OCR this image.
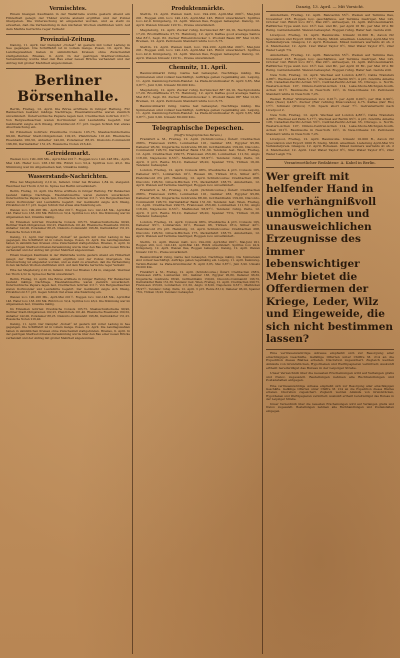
Vermischtes.

Einem hiesigen Kaufmann in der Wallstraße wurde gestern Abend ein Hinterhalt gelegt; der Thäter wurde alsbald ergriffen und der Polizei übergeben. Die Untersuchung ist eingeleitet worden, und es steht zu erwarten, daß die Verhandlung in den nächsten Wochen stattfinden wird. Auf dem Markte herrschte reger Verkehr.

Provinzial-Zeitung.

Danzig, 11. April. Der Dampfer „Nofest“ ist gestern mit voller Ladung in See gegangen. Die Schifffahrt ist in vollem Gange. Posen, 10. April. Die Landtagswahlen haben in sämmtlichen Kreisen ohne Zwischenfall stattgefunden. Breslau, 9. April. In der gestrigen Stadtverordneten-Versammlung wurde über den Bau einer neuen Brücke verhandelt und der Antrag mit großer Mehrheit angenommen.

Berliner Börsenhalle.

Berlin, Freitag, 12. April. Die Börse eröffnete in ruhiger Haltung. Für Bankactien bestand mäßige Nachfrage, Eisenbahnwerthe waren ziemlich unverändert. Österreichische Papiere lagen fest, Creditactien notirten 211½. Von Bergwerksactien waren Dortmunder und Laurahütte begehrt. Der Geldmarkt zeigte sich flüssig, Privatdiscont 3½ pCt. Gegen Schluß trat etwas Abschwächung ein.

Im Einzelnen notirten: Preußische Consols 105,75, Staatsschuldscheine 99,90, Berliner Stadt-Obligationen 102,25, Pfandbriefe 101,40. Rheinische Eisenbahn 160,50, Anhalter 142,00, Potsdamer 88,25. Diskonto-Commandit 196,80, Darmstädter 151,25. Russische Noten 216,40.

Getreidemarkt.

Weizen loco 190–206 Mk., April-Mai 201½. Roggen loco 142–148 Mk., April-Mai 146. Hafer loco 138–160 Mk. Rüböl loco 52,4. Spiritus loco 43,2. Die Stimmung war im Allgemeinen fest, Umsätze mäßig.

Wasserstands-Nachrichten.

Elbe bei Magdeburg 2,10 m, fallend. Oder bei Breslau 1,84 m, steigend. Weichsel bei Thorn 2,52 m. Spree bei Berlin unverändert.

Berlin, Freitag, 12. April. Die Börse eröffnete in ruhiger Haltung. Für Bankactien bestand mäßige Nachfrage, Eisenbahnwerthe waren ziemlich unverändert. Österreichische Papiere lagen fest, Creditactien notirten 211½. Von Bergwerksactien waren Dortmunder und Laurahütte begehrt. Der Geldmarkt zeigte sich flüssig, Privatdiscont 3½ pCt. Gegen Schluß trat etwas Abschwächung ein.

Weizen loco 190–206 Mk., April-Mai 201½. Roggen loco 142–148 Mk., April-Mai 146. Hafer loco 138–160 Mk. Rüböl loco 52,4. Spiritus loco 43,2. Die Stimmung war im Allgemeinen fest, Umsätze mäßig.

Im Einzelnen notirten: Preußische Consols 105,75, Staatsschuldscheine 99,90, Berliner Stadt-Obligationen 102,25, Pfandbriefe 101,40. Rheinische Eisenbahn 160,50, Anhalter 142,00, Potsdamer 88,25. Diskonto-Commandit 196,80, Darmstädter 151,25. Russische Noten 216,40.

Danzig, 11. April. Der Dampfer „Nofest“ ist gestern mit voller Ladung in See gegangen. Die Schifffahrt ist in vollem Gange. Posen, 10. April. Die Landtagswahlen haben in sämmtlichen Kreisen ohne Zwischenfall stattgefunden. Breslau, 9. April. In der gestrigen Stadtverordneten-Versammlung wurde über den Bau einer neuen Brücke verhandelt und der Antrag mit großer Mehrheit angenommen.

Einem hiesigen Kaufmann in der Wallstraße wurde gestern Abend ein Hinterhalt gelegt; der Thäter wurde alsbald ergriffen und der Polizei übergeben. Die Untersuchung ist eingeleitet worden, und es steht zu erwarten, daß die Verhandlung in den nächsten Wochen stattfinden wird. Auf dem Markte herrschte reger Verkehr.

Elbe bei Magdeburg 2,10 m, fallend. Oder bei Breslau 1,84 m, steigend. Weichsel bei Thorn 2,52 m. Spree bei Berlin unverändert.

Berlin, Freitag, 12. April. Die Börse eröffnete in ruhiger Haltung. Für Bankactien bestand mäßige Nachfrage, Eisenbahnwerthe waren ziemlich unverändert. Österreichische Papiere lagen fest, Creditactien notirten 211½. Von Bergwerksactien waren Dortmunder und Laurahütte begehrt. Der Geldmarkt zeigte sich flüssig, Privatdiscont 3½ pCt. Gegen Schluß trat etwas Abschwächung ein.

Weizen loco 190–206 Mk., April-Mai 201½. Roggen loco 142–148 Mk., April-Mai 146. Hafer loco 138–160 Mk. Rüböl loco 52,4. Spiritus loco 43,2. Die Stimmung war im Allgemeinen fest, Umsätze mäßig.

Im Einzelnen notirten: Preußische Consols 105,75, Staatsschuldscheine 99,90, Berliner Stadt-Obligationen 102,25, Pfandbriefe 101,40. Rheinische Eisenbahn 160,50, Anhalter 142,00, Potsdamer 88,25. Diskonto-Commandit 196,80, Darmstädter 151,25. Russische Noten 216,40.

Danzig, 11. April. Der Dampfer „Nofest“ ist gestern mit voller Ladung in See gegangen. Die Schifffahrt ist in vollem Gange. Posen, 10. April. Die Landtagswahlen haben in sämmtlichen Kreisen ohne Zwischenfall stattgefunden. Breslau, 9. April. In der gestrigen Stadtverordneten-Versammlung wurde über den Bau einer neuen Brücke verhandelt und der Antrag mit großer Mehrheit angenommen.

Produktenmärkte.

Stettin, 12. April. Weizen matt, loco 194–200, April-Mai 200½, Mai-Juni 201. Roggen still, loco 140–145, April-Mai 145. Rüböl unverändert. Spiritus loco 42,9. Königsberg, 12. April. Weizen flau, Roggen behauptet. Danzig, 12. April. Weizen Umsatz 120 To., Preise unverändert.

Magdeburg, 12. April. Zucker ruhig, Kornzucker 88° 20,10, Nachprodukte 17,20. Brodraffinade 27,75. Hamburg, 12. April. Kaffee good average Santos Mai 83¼, Sept. 82. Zucker Rübenrohzucker 1. Produkt Basis 88° Mai 12,95. Bremen, 12. April. Petroleum Standard white loco 6,75.

Stettin, 12. April. Weizen matt, loco 194–200, April-Mai 200½, Mai-Juni 201. Roggen still, loco 140–145, April-Mai 145. Rüböl unverändert. Spiritus loco 42,9. Königsberg, 12. April. Weizen flau, Roggen behauptet. Danzig, 12. April. Weizen Umsatz 120 To., Preise unverändert.

Chemnitz, 11. April.

Baumwollmarkt ruhig. Garne fest behauptet, Nachfrage mäßig. Die Spinnereien sind vollauf beschäftigt, Aufträge gehen regelmäßig ein. Leipzig, 11. April. Kammzug-Termin-Handel: La Plata-Grundmuster B. April 3,85, Mai 3,87½, Juni 3,90. Umsatz 80.000 Kilo.

Magdeburg, 12. April. Zucker ruhig, Kornzucker 88° 20,10, Nachprodukte 17,20. Brodraffinade 27,75. Hamburg, 12. April. Kaffee good average Santos Mai 83¼, Sept. 82. Zucker Rübenrohzucker 1. Produkt Basis 88° Mai 12,95. Bremen, 12. April. Petroleum Standard white loco 6,75.

Baumwollmarkt ruhig. Garne fest behauptet, Nachfrage mäßig. Die Spinnereien sind vollauf beschäftigt, Aufträge gehen regelmäßig ein. Leipzig, 11. April. Kammzug-Termin-Handel: La Plata-Grundmuster B. April 3,85, Mai 3,87½, Juni 3,90. Umsatz 80.000 Kilo.

Telegraphische Depeschen.
(Wolff’s Telegraphisches Bureau.)

Frankfurt a. M., Freitag, 12. April. (Schlußcourse.) Österr. Creditactien 268⅜, Franzosen 228⅝, Lombarden 101, Galizier 183, Egypter 95,80, Italiener 96,30, Ungarische Goldrente 88,90, Gotthardbahn 159,00, Disconto-Commandit 196,70, Darmstädter Bank 151,30. Tendenz: fest. Wien, Freitag, 12. April. Creditactien 299,75, Franzosen 253,00, Lombarden 111,50, Anglo 118,00, Napoleons 9,53½, Marknoten 58,97½. Tendenz: ruhig. Paris, 12. April. 3 pCt. Rente 83,10, Italiener 96,20, Spanier 75⅝, Türken 16,20. Tendenz: behauptet.

London, Freitag, 12. April. Consols 98⅝, Preußische 4 pCt. Consols 105, Italiener 95¼, Lombarden 10¼, Russen 96, Türken 16⅛, Silber 42¾. Platzdiscont 2⅝ pCt. Hamburg, 12. April. Schlußcourse: Creditactien 268, Disconto 196,50, Lübeck-Büchen 175, Packetfahrt 138,75. Amsterdam, 12. April. Weizen auf Termine niedriger, Roggen loco unverändert.

Frankfurt a. M., Freitag, 12. April. (Schlußcourse.) Österr. Creditactien 268⅜, Franzosen 228⅝, Lombarden 101, Galizier 183, Egypter 95,80, Italiener 96,30, Ungarische Goldrente 88,90, Gotthardbahn 159,00, Disconto-Commandit 196,70, Darmstädter Bank 151,30. Tendenz: fest. Wien, Freitag, 12. April. Creditactien 299,75, Franzosen 253,00, Lombarden 111,50, Anglo 118,00, Napoleons 9,53½, Marknoten 58,97½. Tendenz: ruhig. Paris, 12. April. 3 pCt. Rente 83,10, Italiener 96,20, Spanier 75⅝, Türken 16,20. Tendenz: behauptet.

London, Freitag, 12. April. Consols 98⅝, Preußische 4 pCt. Consols 105, Italiener 95¼, Lombarden 10¼, Russen 96, Türken 16⅛, Silber 42¾. Platzdiscont 2⅝ pCt. Hamburg, 12. April. Schlußcourse: Creditactien 268, Disconto 196,50, Lübeck-Büchen 175, Packetfahrt 138,75. Amsterdam, 12. April. Weizen auf Termine niedriger, Roggen loco unverändert.

Stettin, 12. April. Weizen matt, loco 194–200, April-Mai 200½, Mai-Juni 201. Roggen still, loco 140–145, April-Mai 145. Rüböl unverändert. Spiritus loco 42,9. Königsberg, 12. April. Weizen flau, Roggen behauptet. Danzig, 12. April. Weizen Umsatz 120 To., Preise unverändert.

Baumwollmarkt ruhig. Garne fest behauptet, Nachfrage mäßig. Die Spinnereien sind vollauf beschäftigt, Aufträge gehen regelmäßig ein. Leipzig, 11. April. Kammzug-Termin-Handel: La Plata-Grundmuster B. April 3,85, Mai 3,87½, Juni 3,90. Umsatz 80.000 Kilo.

Frankfurt a. M., Freitag, 12. April. (Schlußcourse.) Österr. Creditactien 268⅜, Franzosen 228⅝, Lombarden 101, Galizier 183, Egypter 95,80, Italiener 96,30, Ungarische Goldrente 88,90, Gotthardbahn 159,00, Disconto-Commandit 196,70, Darmstädter Bank 151,30. Tendenz: fest. Wien, Freitag, 12. April. Creditactien 299,75, Franzosen 253,00, Lombarden 111,50, Anglo 118,00, Napoleons 9,53½, Marknoten 58,97½. Tendenz: ruhig. Paris, 12. April. 3 pCt. Rente 83,10, Italiener 96,20, Spanier 75⅝, Türken 16,20. Tendenz: behauptet.

Danzig, 13. April. — Mit Vorsicht.

Amsterdam, Freitag, 12. April. Bancazinn 55¾. Weizen auf Termine flau, November 218. Roggen loco geschäftslos, auf Termine niedriger, Mai 145, October 142. Rüböl loco 30½, Mai 29¾. Antwerpen, 12. April. Petroleummarkt. Raffinirtes Type weiß loco 16¼ bez. und Br., per April 16 Br., per Mai 16⅛ Br. Ruhig. Getreidemarkt. Weizen behauptet. Roggen ruhig. Hafer fest. Gerste still.

Liverpool, Freitag, 12. April. Baumwolle. Umsatz 10.000 B., davon für Speculation und Export 1000 B. Stetig. Middl. amerikan. Lieferung April-Mai 5⅜ Verkäuferpreis. Glasgow, 12. April. Roheisen. Mixed numbers warrants 41 sh. 2 d. Manchester, 12. April. 12er Water Taylor 6¾, 30er Water Taylor 8¾, 20er Water Leigh 7⅝.

Amsterdam, Freitag, 12. April. Bancazinn 55¾. Weizen auf Termine flau, November 218. Roggen loco geschäftslos, auf Termine niedriger, Mai 145, October 142. Rüböl loco 30½, Mai 29¾. Antwerpen, 12. April. Petroleummarkt. Raffinirtes Type weiß loco 16¼ bez. und Br., per April 16 Br., per Mai 16⅛ Br. Ruhig. Getreidemarkt. Weizen behauptet. Roggen ruhig. Hafer fest. Gerste still.

New York, Freitag, 12. April. Wechsel auf London 4,86½, Cable Transfers 4,88¾. Wechsel auf Paris 5,17¾, Wechsel auf Berlin 95¼. 4 pCt. fundirte Anleihe 128, Canadian-Pacific-Actien 53¼, Central-Pacific-Actien 35, Chicago- u. North-Western-Actien 107, Illinois-Central-Actien 114, Lake-Shore-Michigan-South-Actien 101¾. Baumwolle in New-York 10½, in New-Orleans 10. Petroleum Standard white in New-York 7,25.

Weizen Rother Winterweizen loco 0,91¾, per April 0,90¼, per Mai 0,90½. Mais (New) 0,46¼. Zucker (Fair refining Muscovados) 4,75. Kaffee (fair Rio) 17¼. Schmalz (Wilcox) 7,30. Speck short clear 7½. Getreidefracht nach Liverpool 2.

New York, Freitag, 12. April. Wechsel auf London 4,86½, Cable Transfers 4,88¾. Wechsel auf Paris 5,17¾, Wechsel auf Berlin 95¼. 4 pCt. fundirte Anleihe 128, Canadian-Pacific-Actien 53¼, Central-Pacific-Actien 35, Chicago- u. North-Western-Actien 107, Illinois-Central-Actien 114, Lake-Shore-Michigan-South-Actien 101¾. Baumwolle in New-York 10½, in New-Orleans 10. Petroleum Standard white in New-York 7,25.

Liverpool, Freitag, 12. April. Baumwolle. Umsatz 10.000 B., davon für Speculation und Export 1000 B. Stetig. Middl. amerikan. Lieferung April-Mai 5⅜ Verkäuferpreis. Glasgow, 12. April. Roheisen. Mixed numbers warrants 41 sh. 2 d. Manchester, 12. April. 12er Water Taylor 6¾, 30er Water Taylor 8¾, 20er Water Leigh 7⅝.

Verantwortlicher Redakteur: A. Kabel in Berlin.
Wer greift mit helfender Hand in die verhängnißvoll unmöglichen und unausweichlichen Erzeugnisse des immer lebenswichtiger Mehr bietet die Offerdiermen der Kriege, Leder, Wilz und Eingeweide, die sich nicht bestimmen lassen?

Eine vertrauenswürdige Adresse empfiehlt sich zur Besorgung aller einschlägigen Geschäfte. Gefällige Offerten unter Chiffre M. 214 an die Expedition dieses Blattes erbeten. Discretion zugesichert. Zugleich werden Ankäufe von Grundstücken, Hypotheken und Werthpapieren vermittelt; Auskunft ertheilt bereitwilligst das Bureau in der Leipziger Straße.

Unser Verzeichniß über die neuesten Erscheinungen wird auf Verlangen gratis und franco zugesandt. Bestellungen nehmen alle Buchhandlungen und Postanstalten entgegen.

Eine vertrauenswürdige Adresse empfiehlt sich zur Besorgung aller einschlägigen Geschäfte. Gefällige Offerten unter Chiffre M. 214 an die Expedition dieses Blattes erbeten. Discretion zugesichert. Zugleich werden Ankäufe von Grundstücken, Hypotheken und Werthpapieren vermittelt; Auskunft ertheilt bereitwilligst das Bureau in der Leipziger Straße.

Unser Verzeichniß über die neuesten Erscheinungen wird auf Verlangen gratis und franco zugesandt. Bestellungen nehmen alle Buchhandlungen und Postanstalten entgegen.
